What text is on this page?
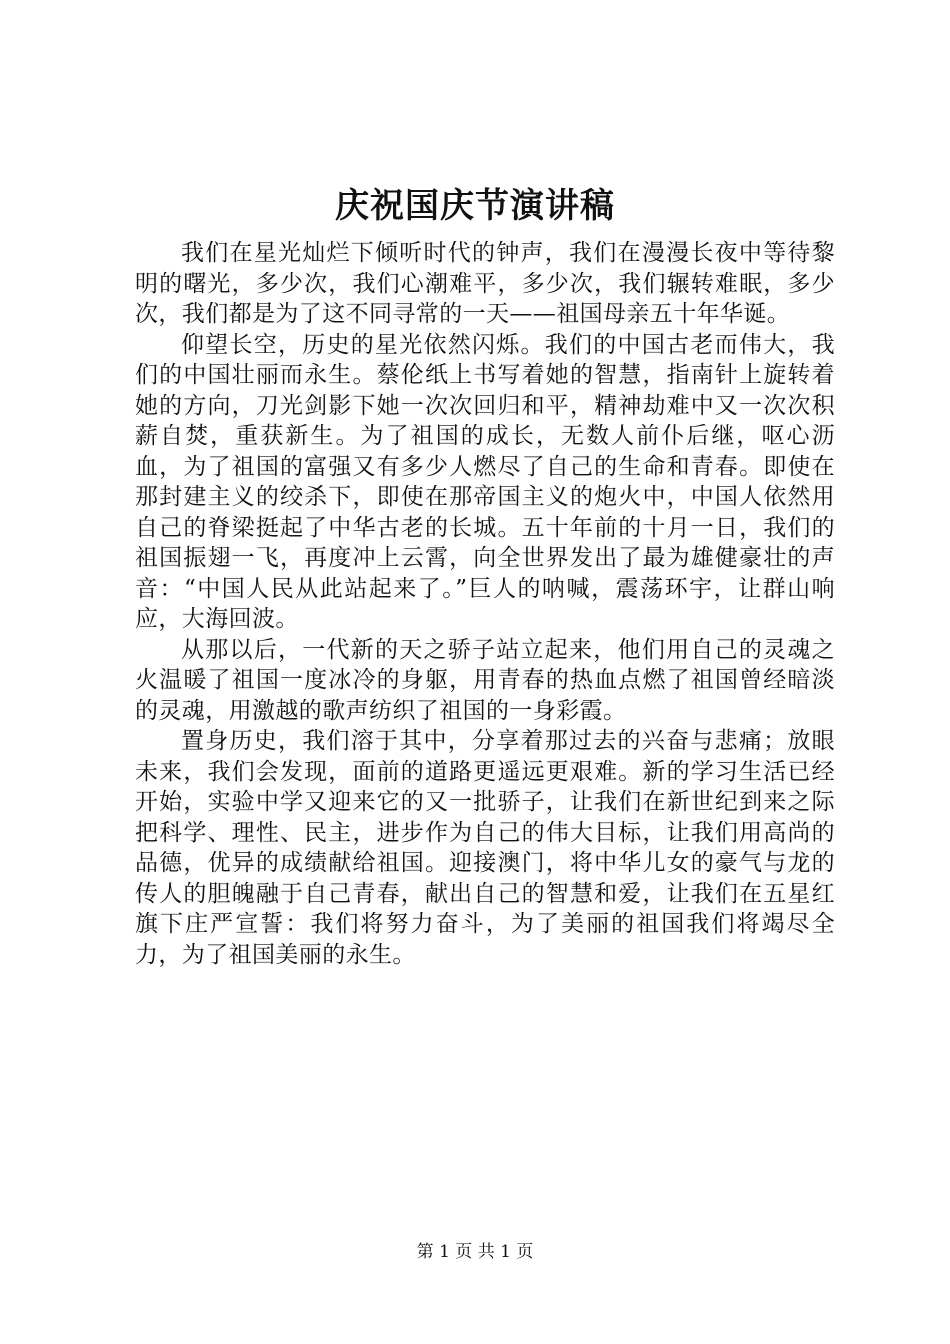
庆祝国庆节演讲稿

我们在星光灿烂下倾听时代的钟声，我们在漫漫长夜中等待黎明的曙光，多少次，我们心潮难平，多少次，我们辗转难眠，多少次，我们都是为了这不同寻常的一天——祖国母亲五十年华诞。

仰望长空，历史的星光依然闪烁。我们的中国古老而伟大，我们的中国壮丽而永生。蔡伦纸上书写着她的智慧，指南针上旋转着她的方向，刀光剑影下她一次次回归和平，精神劫难中又一次次积薪自焚，重获新生。为了祖国的成长，无数人前仆后继，呕心沥血，为了祖国的富强又有多少人燃尽了自己的生命和青春。即使在那封建主义的绞杀下，即使在那帝国主义的炮火中，中国人依然用自己的脊梁挺起了中华古老的长城。五十年前的十月一日，我们的祖国振翅一飞，再度冲上云霄，向全世界发出了最为雄健豪壮的声音：“中国人民从此站起来了。”巨人的呐喊，震荡环宇，让群山响应，大海回波。

从那以后，一代新的天之骄子站立起来，他们用自己的灵魂之火温暖了祖国一度冰冷的身躯，用青春的热血点燃了祖国曾经暗淡的灵魂，用激越的歌声纺织了祖国的一身彩霞。

置身历史，我们溶于其中，分享着那过去的兴奋与悲痛；放眼未来，我们会发现，面前的道路更遥远更艰难。新的学习生活已经开始，实验中学又迎来它的又一批骄子，让我们在新世纪到来之际把科学、理性、民主，进步作为自己的伟大目标，让我们用高尚的品德，优异的成绩献给祖国。迎接澳门，将中华儿女的豪气与龙的传人的胆魄融于自己青春，献出自己的智慧和爱，让我们在五星红旗下庄严宣誓：我们将努力奋斗，为了美丽的祖国我们将竭尽全力，为了祖国美丽的永生。

第 1 页 共 1 页
